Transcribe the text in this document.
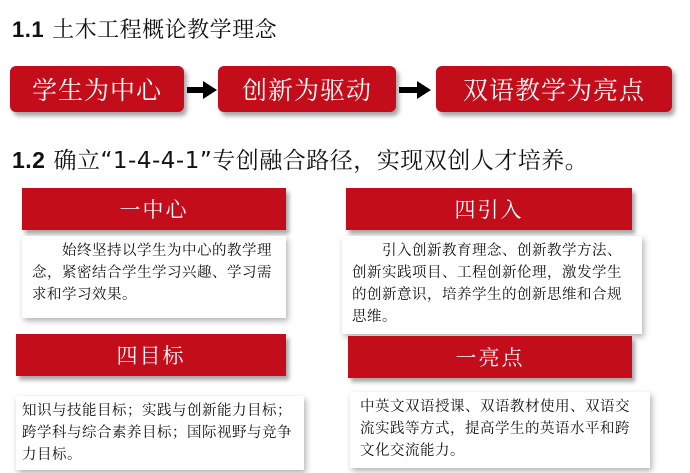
1.1 土木工程概论教学理念
学生为中心	创新为驱动	双语教学为亮点
1.2 确立“1-4-4-1”专创融合路径，实现双创人才培养。
一中心
　　始终坚持以学生为中心的教学理念，紧密结合学生学习兴趣、学习需求和学习效果。
四目标
知识与技能目标；实践与创新能力目标；跨学科与综合素养目标；国际视野与竞争力目标。
四引入
　　引入创新教育理念、创新教学方法、创新实践项目、工程创新伦理，激发学生的创新意识，培养学生的创新思维和合规思维。
一亮点
中英文双语授课、双语教材使用、双语交流实践等方式，提高学生的英语水平和跨文化交流能力。
